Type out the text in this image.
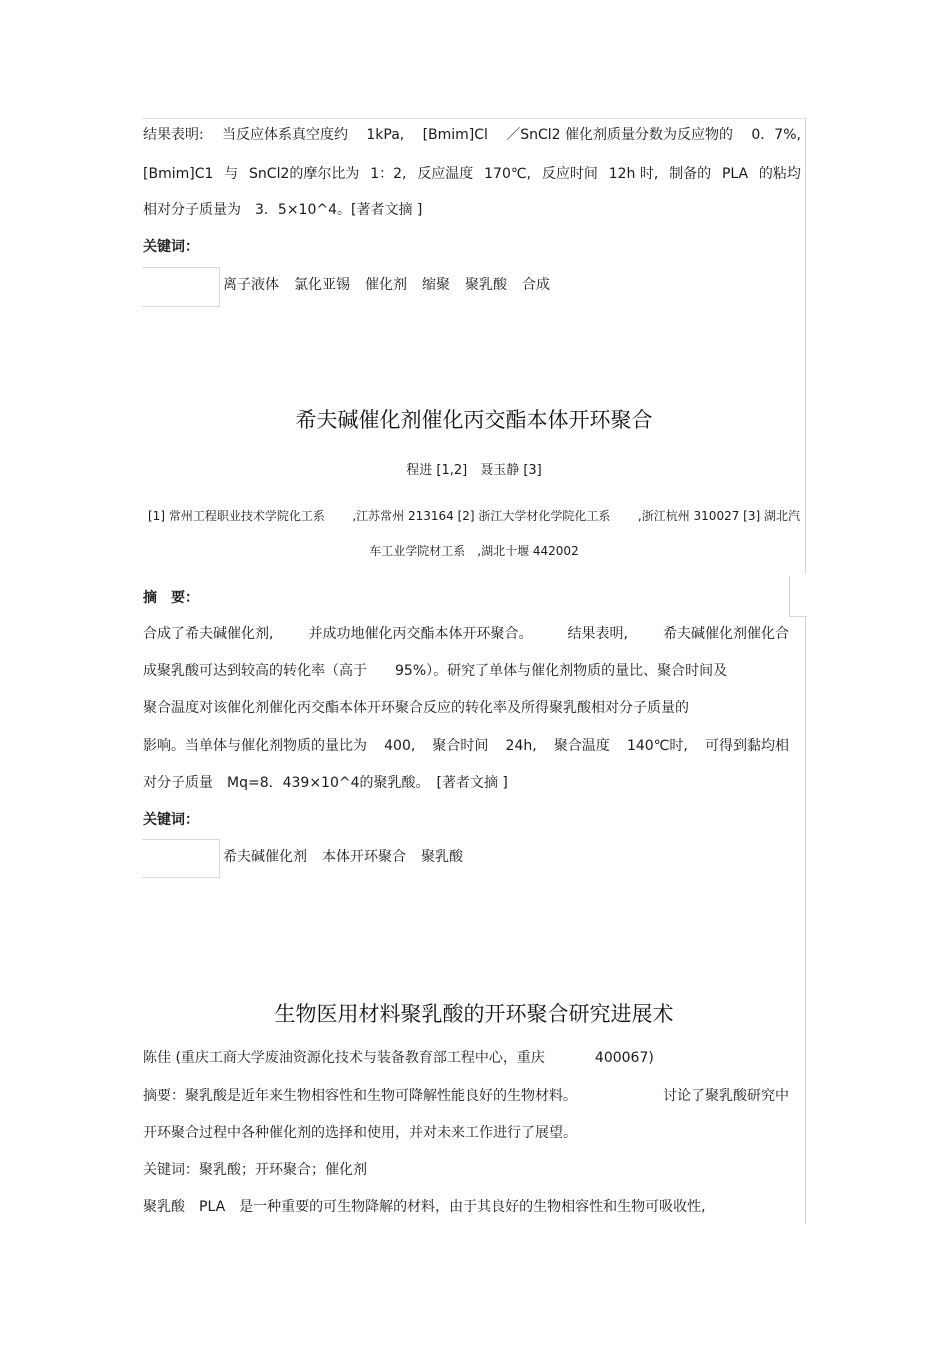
结果表明: 当反应体系真空度约 1kPa, [Bmim]Cl ／SnCl2 催化剂质量分数为反应物的 0．7%,
[Bmim]C1 与 SnCl2的摩尔比为 1：2, 反应温度 170℃, 反应时间 12h 时, 制备的 PLA 的粘均
相对分子质量为　3．5×10^4。[著者文摘 ]
关键词：
离子液体 氯化亚锡 催化剂 缩聚 聚乳酸 合成
希夫碱催化剂催化丙交酯本体开环聚合
程进 [1,2]　聂玉静 [3]
[1] 常州工程职业技术学院化工系 ,江苏常州 213164 [2] 浙江大学材化学院化工系 ,浙江杭州 310027 [3] 湖北汽
车工业学院材工系　,湖北十堰 442002
摘　要：
合成了希夫碱催化剂,	并成功地催化丙交酯本体开环聚合。	结果表明,	希夫碱催化剂催化合
成聚乳酸可达到较高的转化率（高于　　95%）。研究了单体与催化剂物质的量比、聚合时间及
聚合温度对该催化剂催化丙交酯本体开环聚合反应的转化率及所得聚乳酸相对分子质量的
影响。当单体与催化剂物质的量比为 400, 聚合时间 24h, 聚合温度 140℃时, 可得到黏均相
对分子质量　Mq=8．439×10^4的聚乳酸。　[著者文摘 ]
关键词：
希夫碱催化剂 本体开环聚合 聚乳酸
生物医用材料聚乳酸的开环聚合研究进展术
陈佳 (重庆工商大学废油资源化技术与装备教育部工程中心，重庆	400067)
摘要：聚乳酸是近年来生物相容性和生物可降解性能良好的生物材料。	讨论了聚乳酸研究中
开环聚合过程中各种催化剂的选择和使用，并对未来工作进行了展望。
关键词：聚乳酸；开环聚合；催化剂
聚乳酸　PLA　是一种重要的可生物降解的材料，由于其良好的生物相容性和生物可吸收性,
